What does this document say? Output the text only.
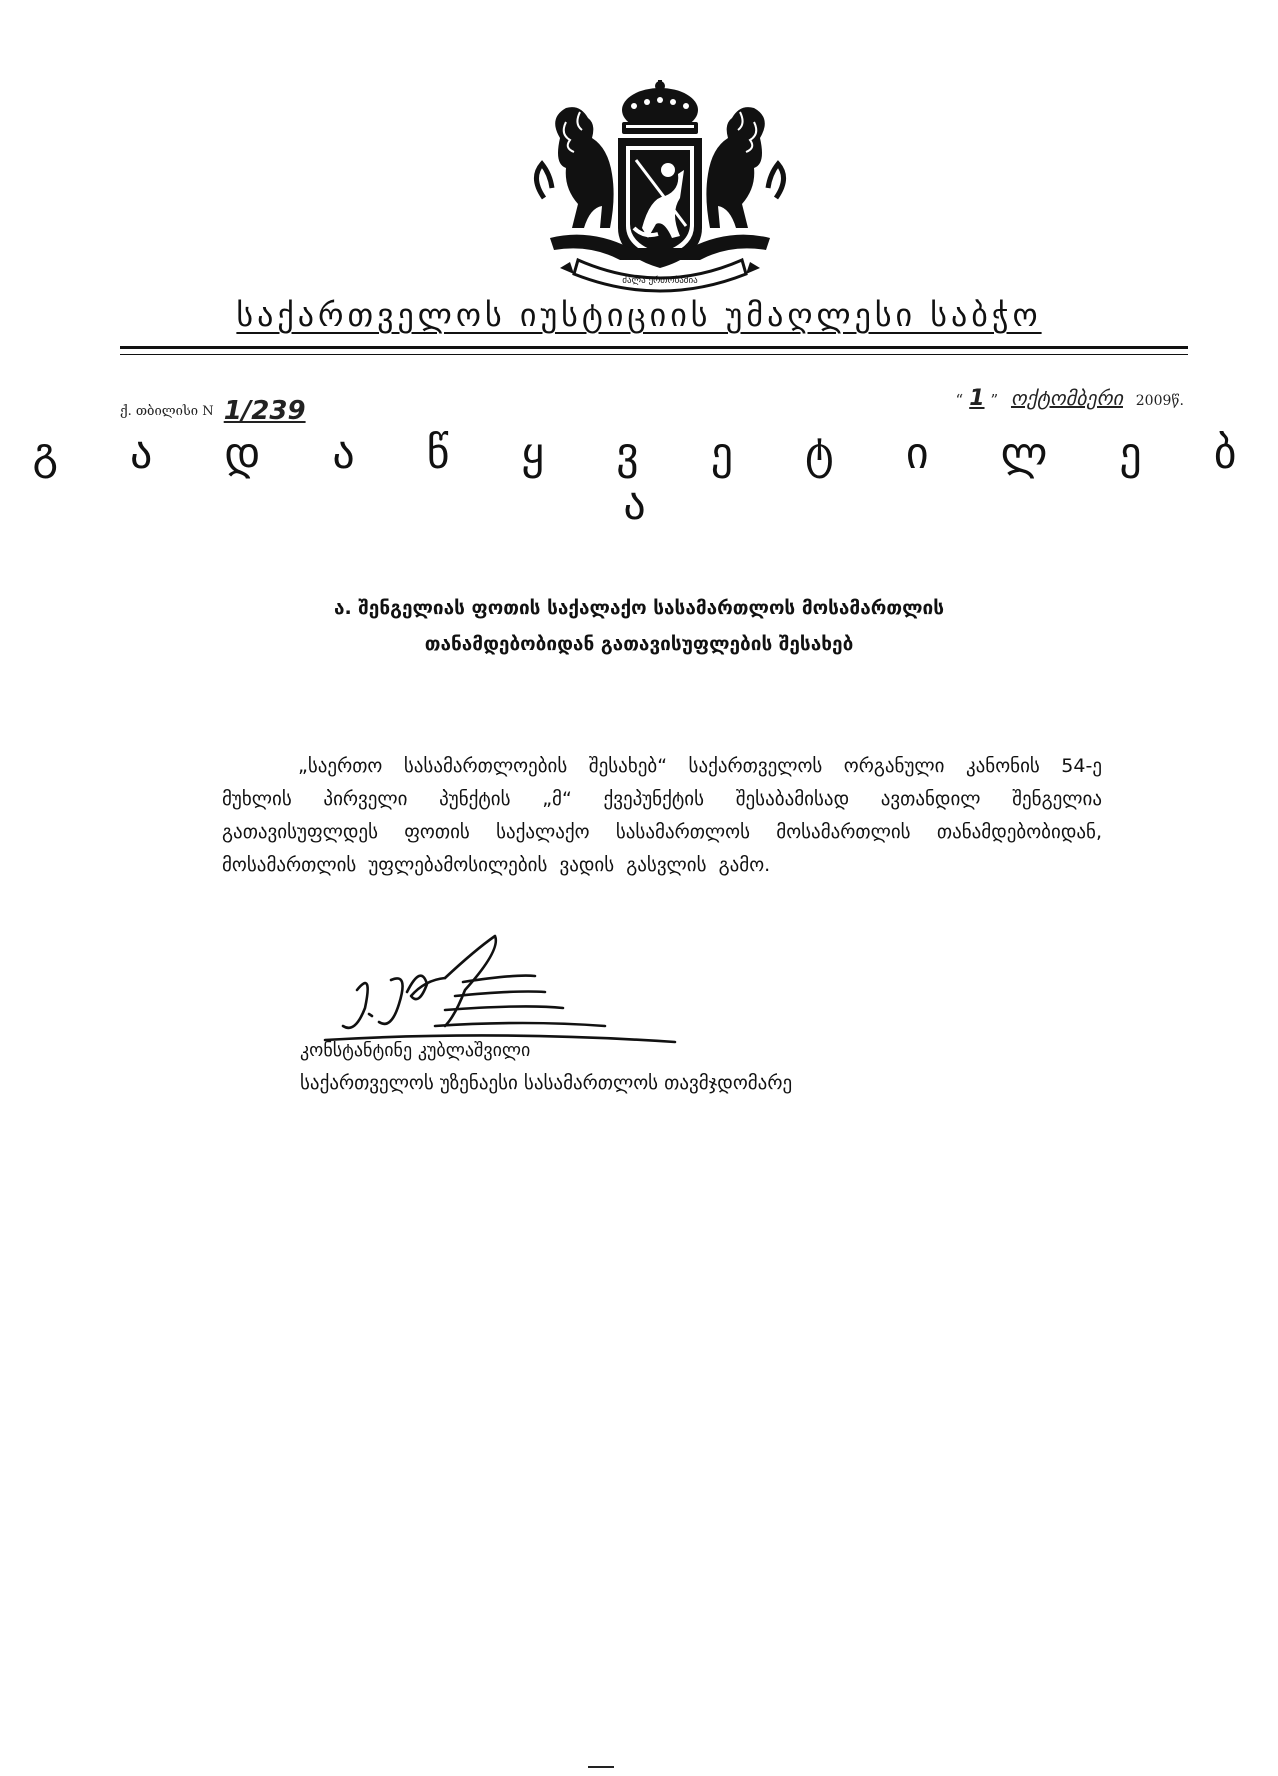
ძალა ერთობაშია
საქართველოს იუსტიციის უმაღლესი საბჭო
ქ. თბილისი N 1/239	“ 1 ” ოქტომბერი 2009წ.
გ ა დ ა წ ყ ვ ე ტ ი ლ ე ბ ა
ა. შენგელიას ფოთის საქალაქო სასამართლოს მოსამართლის
თანამდებობიდან გათავისუფლების შესახებ
„საერთო სასამართლოების შესახებ“ საქართველოს ორგანული კანონის 54-ე მუხლის პირველი პუნქტის „მ“ ქვეპუნქტის შესაბამისად ავთანდილ შენგელია გათავისუფლდეს ფოთის საქალაქო სასამართლოს მოსამართლის თანამდებობიდან, მოსამართლის უფლებამოსილების ვადის გასვლის გამო.
კონსტანტინე კუბლაშვილი
საქართველოს უზენაესი სასამართლოს თავმჯდომარე
